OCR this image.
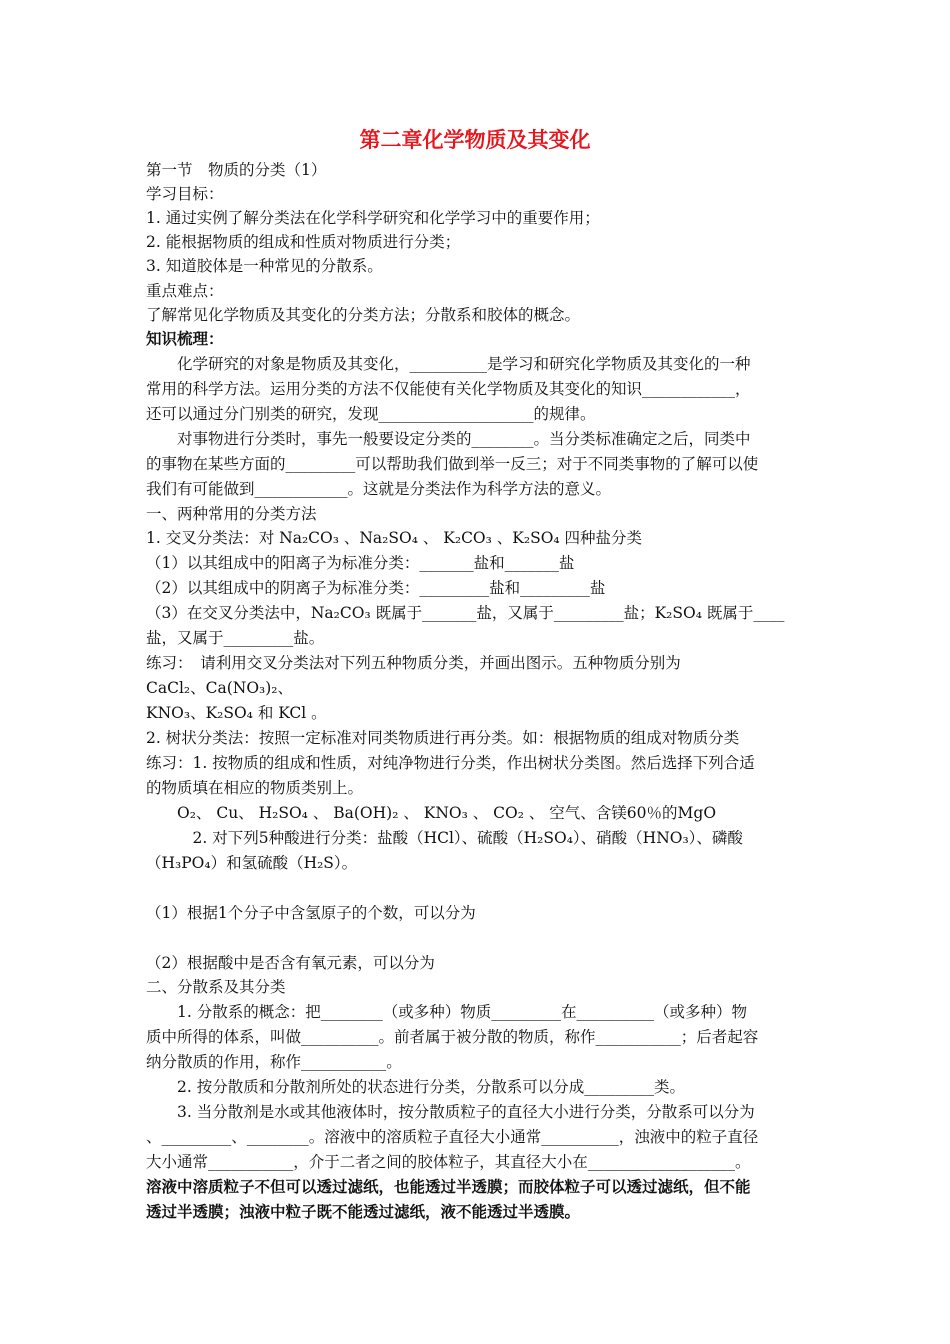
第二章化学物质及其变化
第一节　物质的分类（1）
学习目标：
1. 通过实例了解分类法在化学科学研究和化学学习中的重要作用；
2. 能根据物质的组成和性质对物质进行分类；
3. 知道胶体是一种常见的分散系。
重点难点：
了解常见化学物质及其变化的分类方法；分散系和胶体的概念。
知识梳理：
　　化学研究的对象是物质及其变化，__________是学习和研究化学物质及其变化的一种
常用的科学方法。运用分类的方法不仅能使有关化学物质及其变化的知识____________，
还可以通过分门别类的研究，发现____________________的规律。
　　对事物进行分类时，事先一般要设定分类的________。当分类标准确定之后，同类中
的事物在某些方面的_________可以帮助我们做到举一反三；对于不同类事物的了解可以使
我们有可能做到____________。这就是分类法作为科学方法的意义。
一、两种常用的分类方法
1. 交叉分类法：对 Na₂CO₃ 、Na₂SO₄ 、 K₂CO₃ 、K₂SO₄ 四种盐分类
（1）以其组成中的阳离子为标准分类：_______盐和_______盐
（2）以其组成中的阴离子为标准分类：_________盐和_________盐
（3）在交叉分类法中，Na₂CO₃ 既属于_______盐，又属于_________盐；K₂SO₄ 既属于____
盐，又属于_________盐。
练习：　请利用交叉分类法对下列五种物质分类，并画出图示。五种物质分别为
CaCl₂、Ca(NO₃)₂、
KNO₃、K₂SO₄ 和 KCl 。
2. 树状分类法：按照一定标准对同类物质进行再分类。如：根据物质的组成对物质分类
练习：1. 按物质的组成和性质，对纯净物进行分类，作出树状分类图。然后选择下列合适
的物质填在相应的物质类别上。
　　O₂、 Cu、 H₂SO₄ 、 Ba(OH)₂ 、 KNO₃ 、 CO₂ 、 空气、含镁60％的MgO
　　　2. 对下列5种酸进行分类：盐酸（HCl）、硫酸（H₂SO₄）、硝酸（HNO₃）、磷酸
（H₃PO₄）和氢硫酸（H₂S）。
（1）根据1个分子中含氢原子的个数，可以分为
（2）根据酸中是否含有氧元素，可以分为
二、分散系及其分类
　　1. 分散系的概念：把________（或多种）物质_________在__________（或多种）物
质中所得的体系，叫做__________。前者属于被分散的物质，称作___________；后者起容
纳分散质的作用，称作___________。
　　2. 按分散质和分散剂所处的状态进行分类，分散系可以分成_________类。
　　3. 当分散剂是水或其他液体时，按分散质粒子的直径大小进行分类，分散系可以分为
、_________、________。溶液中的溶质粒子直径大小通常__________，浊液中的粒子直径
大小通常___________，介于二者之间的胶体粒子，其直径大小在___________________。
溶液中溶质粒子不但可以透过滤纸，也能透过半透膜；而胶体粒子可以透过滤纸，但不能
透过半透膜；浊液中粒子既不能透过滤纸，液不能透过半透膜。
